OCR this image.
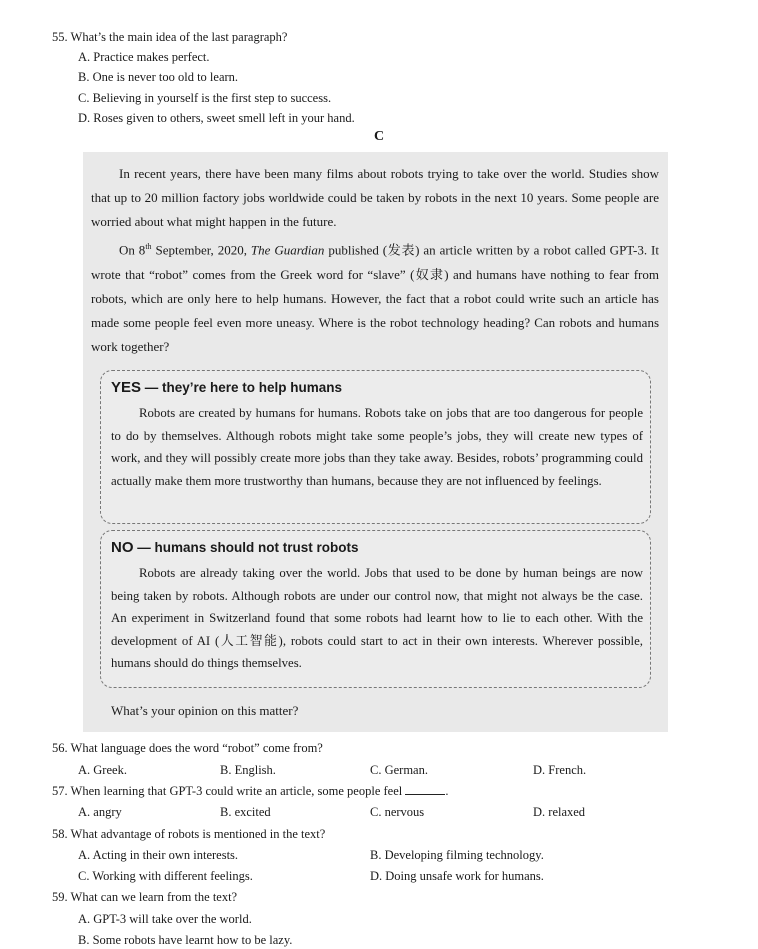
55. What’s the main idea of the last paragraph?
A. Practice makes perfect.
B. One is never too old to learn.
C. Believing in yourself is the first step to success.
D. Roses given to others, sweet smell left in your hand.
C

In recent years, there have been many films about robots trying to take over the world. Studies show that up to 20 million factory jobs worldwide could be taken by robots in the next 10 years. Some people are worried about what might happen in the future.

On 8th September, 2020, The Guardian published (发表) an article written by a robot called GPT-3. It wrote that “robot” comes from the Greek word for “slave” (奴隶) and humans have nothing to fear from robots, which are only here to help humans. However, the fact that a robot could write such an article has made some people feel even more uneasy. Where is the robot technology heading? Can robots and humans work together?

YES — they’re here to help humans

Robots are created by humans for humans. Robots take on jobs that are too dangerous for people to do by themselves. Although robots might take some people’s jobs, they will create new types of work, and they will possibly create more jobs than they take away. Besides, robots’ programming could actually make them more trustworthy than humans, because they are not influenced by feelings.

NO — humans should not trust robots

Robots are already taking over the world. Jobs that used to be done by human beings are now being taken by robots. Although robots are under our control now, that might not always be the case. An experiment in Switzerland found that some robots had learnt how to lie to each other. With the development of AI (人工智能), robots could start to act in their own interests. Wherever possible, humans should do things themselves.

What’s your opinion on this matter?
56. What language does the word “robot” come from?
A. Greek.	B. English.	C. German.	D. French.
57. When learning that GPT-3 could write an article, some people feel	.
A. angry	B. excited	C. nervous	D. relaxed
58. What advantage of robots is mentioned in the text?
A. Acting in their own interests.	B. Developing filming technology.
C. Working with different feelings.	D. Doing unsafe work for humans.
59. What can we learn from the text?
A. GPT-3 will take over the world.
B. Some robots have learnt how to be lazy.
